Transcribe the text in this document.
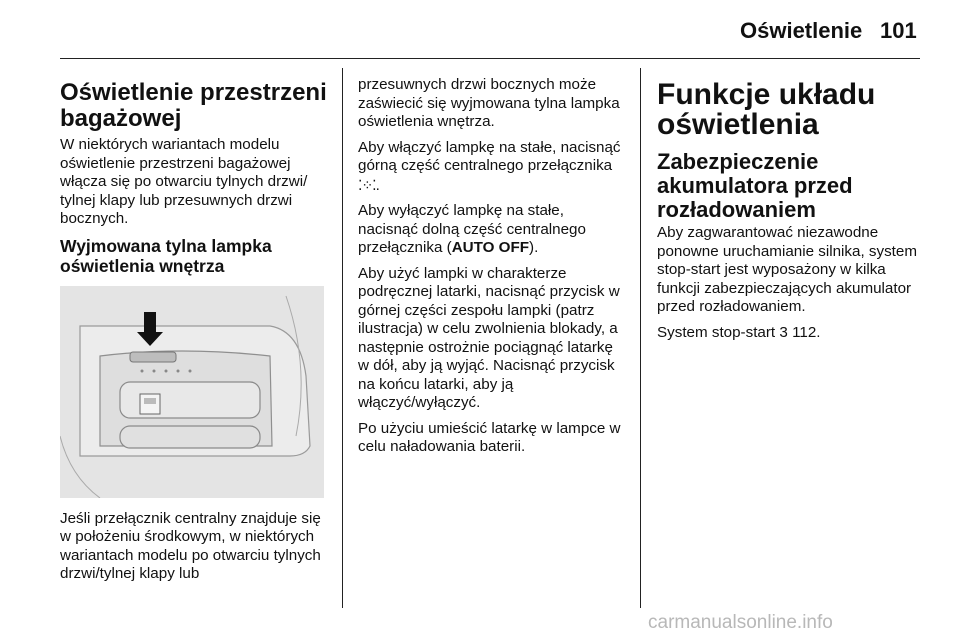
Oświetlenie 101
Oświetlenie przestrzeni bagażowej

W niektórych wariantach modelu oświetlenie przestrzeni bagażowej włącza się po otwarciu tylnych drzwi/ tylnej klapy lub przesuwnych drzwi bocznych.

Wyjmowana tylna lampka oświetlenia wnętrza

Jeśli przełącznik centralny znajduje się w położeniu środkowym, w niektórych wariantach modelu po otwarciu tylnych drzwi/tylnej klapy lub

przesuwnych drzwi bocznych może zaświecić się wyjmowana tylna lampka oświetlenia wnętrza.

Aby włączyć lampkę na stałe, nacisnąć górną część centralnego przełącznika ⁚⁘⁚.

Aby wyłączyć lampkę na stałe, nacisnąć dolną część centralnego przełącznika (AUTO OFF).

Aby użyć lampki w charakterze podręcznej latarki, nacisnąć przycisk w górnej części zespołu lampki (patrz ilustracja) w celu zwolnienia blokady, a następnie ostrożnie pociągnąć latarkę w dół, aby ją wyjąć. Nacisnąć przycisk na końcu latarki, aby ją włączyć/wyłączyć.

Po użyciu umieścić latarkę w lampce w celu naładowania baterii.

Funkcje układu oświetlenia
Zabezpieczenie akumulatora przed rozładowaniem

Aby zagwarantować niezawodne ponowne uruchamianie silnika, system stop-start jest wyposażony w kilka funkcji zabezpieczających akumulator przed rozładowaniem.

System stop-start 3 112.

carmanualsonline.info
